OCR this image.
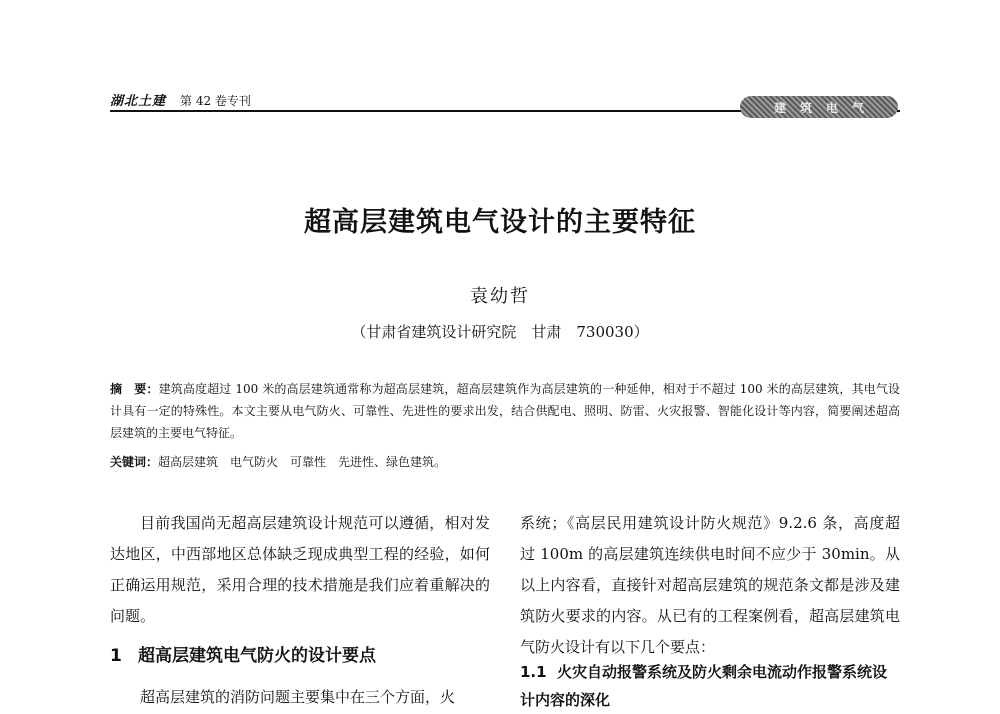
湖北土建 第 42 卷专刊	建 筑 电 气
超高层建筑电气设计的主要特征
袁幼哲
（甘肃省建筑设计研究院　甘肃　730030）
摘　要：建筑高度超过 100 米的高层建筑通常称为超高层建筑，超高层建筑作为高层建筑的一种延伸，相对于不超过 100 米的高层建筑，其电气设计具有一定的特殊性。本文主要从电气防火、可靠性、先进性的要求出发，结合供配电、照明、防雷、火灾报警、智能化设计等内容，简要阐述超高层建筑的主要电气特征。
关键词：超高层建筑　电气防火　可靠性　先进性、绿色建筑。

目前我国尚无超高层建筑设计规范可以遵循，相对发达地区，中西部地区总体缺乏现成典型工程的经验，如何正确运用规范，采用合理的技术措施是我们应着重解决的问题。

1 超高层建筑电气防火的设计要点
超高层建筑的消防问题主要集中在三个方面，火

系统；《高层民用建筑设计防火规范》9.2.6 条，高度超过 100m 的高层建筑连续供电时间不应少于 30min。从以上内容看，直接针对超高层建筑的规范条文都是涉及建筑防火要求的内容。从已有的工程案例看，超高层建筑电气防火设计有以下几个要点：

1.1 火灾自动报警系统及防火剩余电流动作报警系统设计内容的深化
